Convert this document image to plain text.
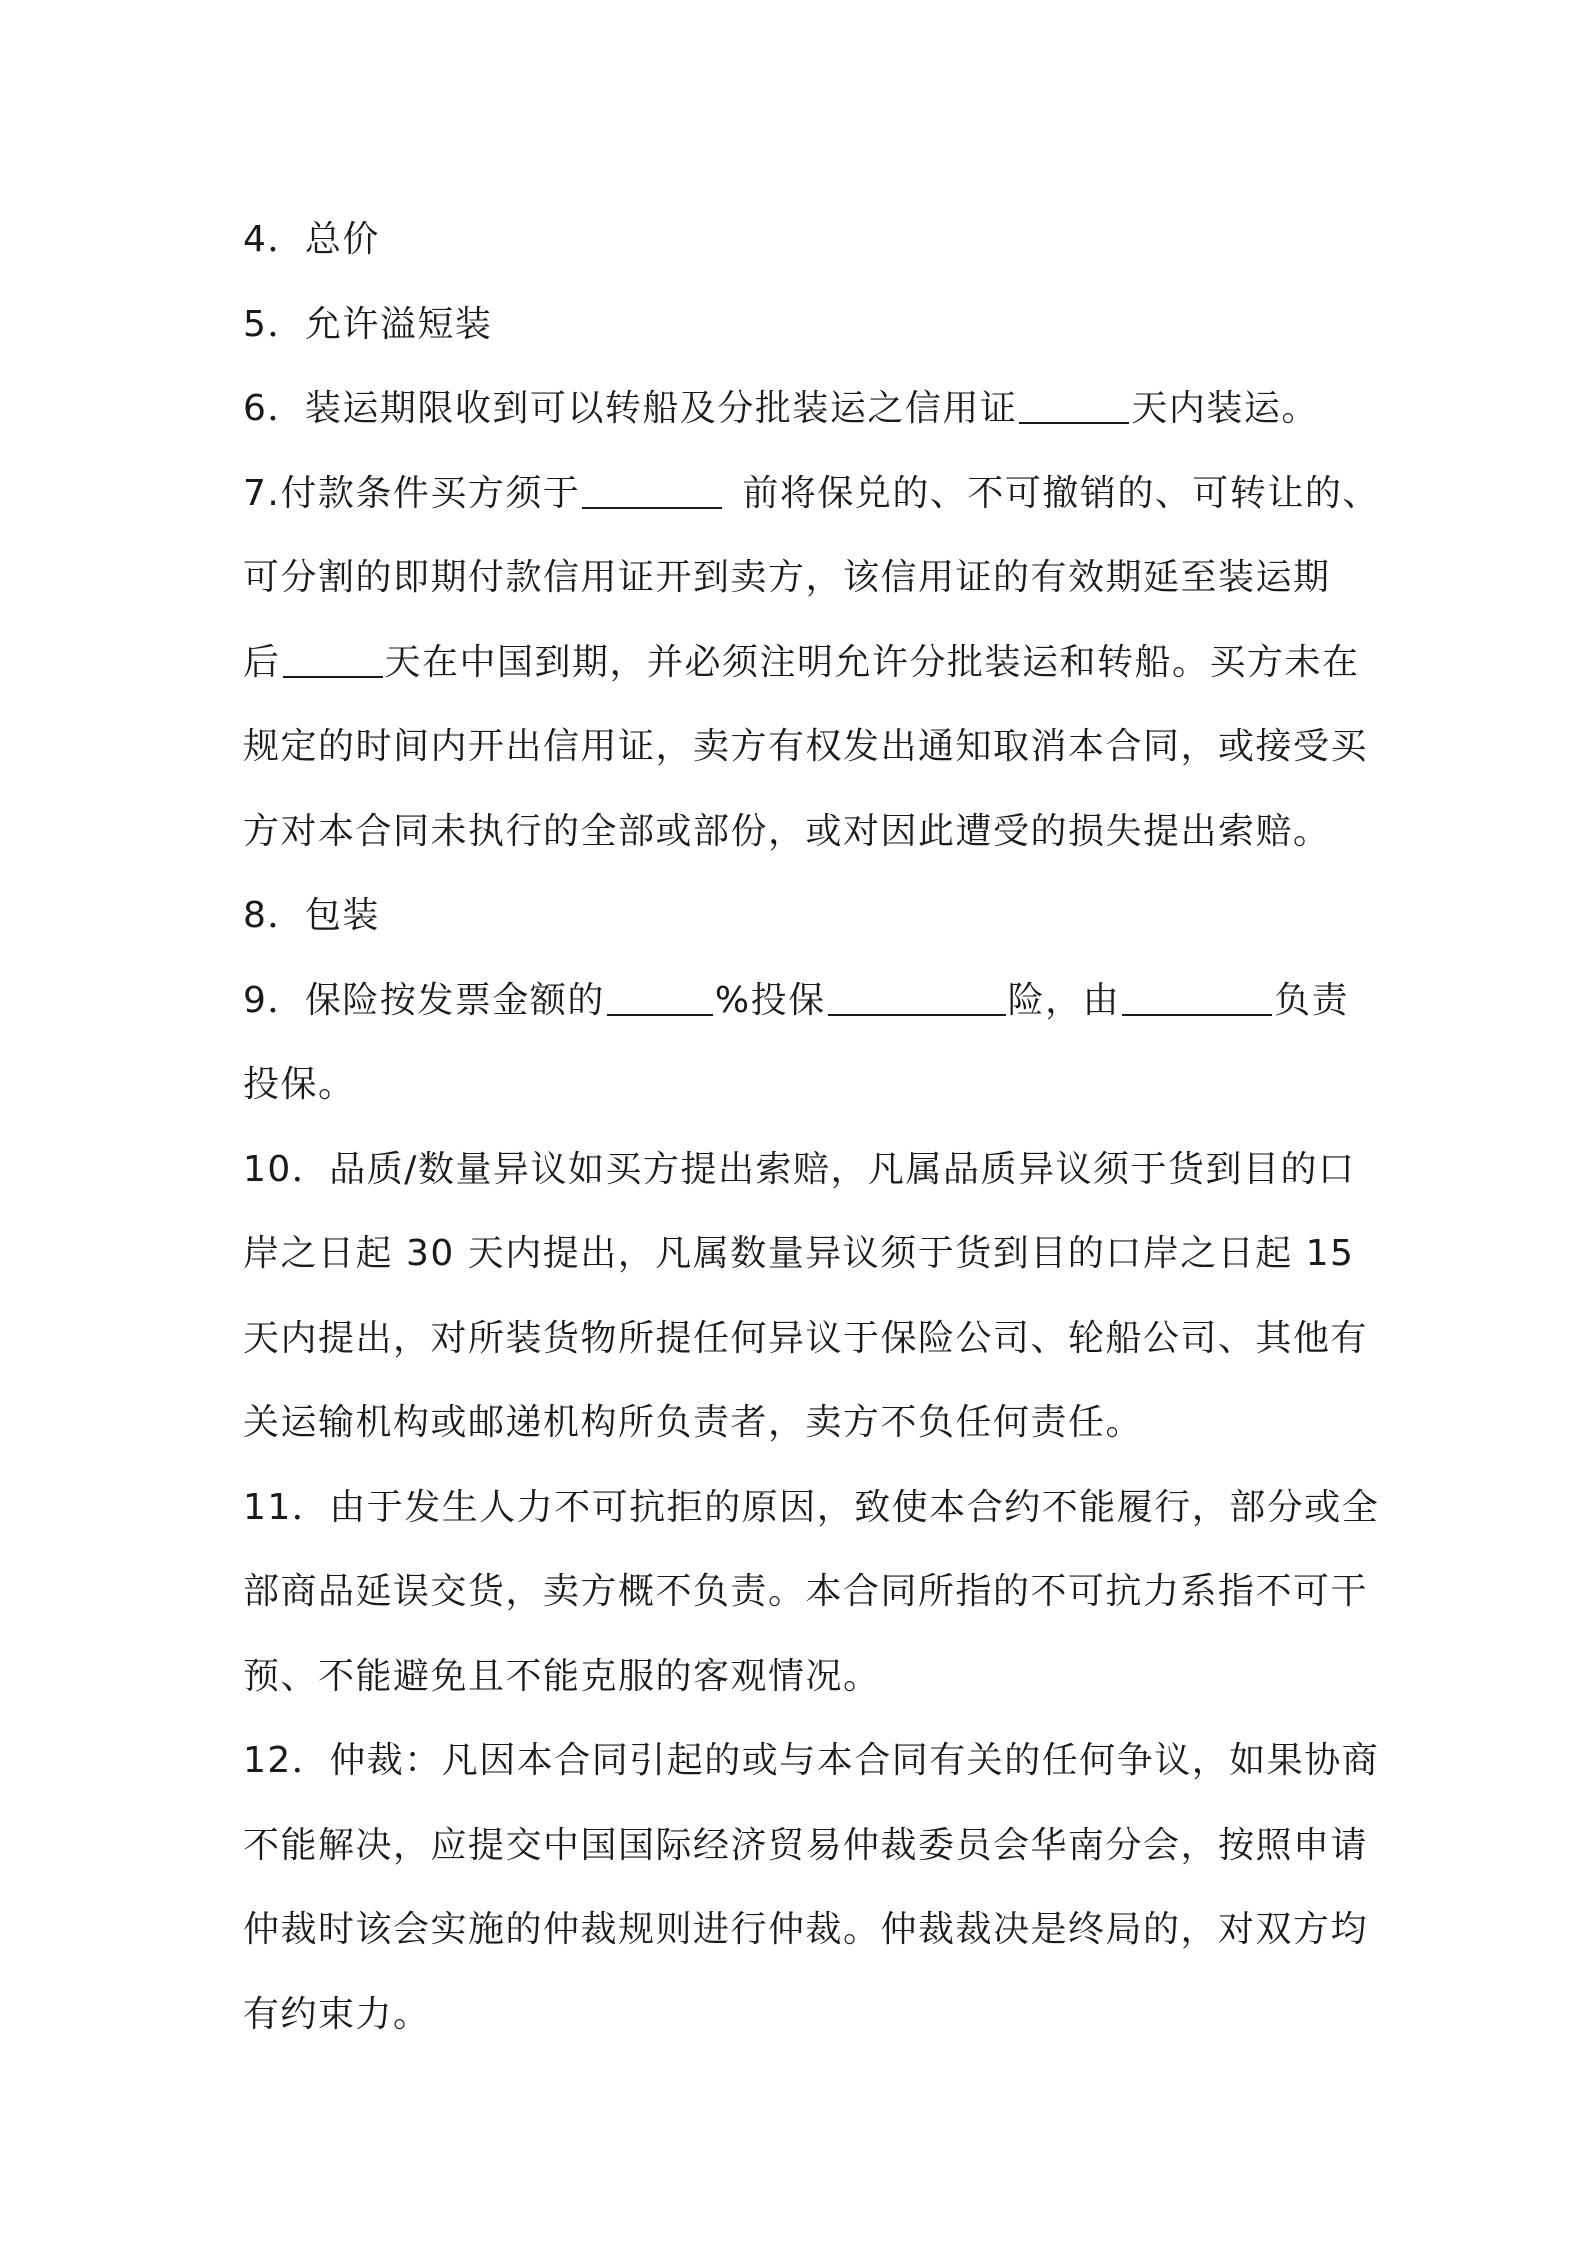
4．总价
5．允许溢短装
6．装运期限收到可以转船及分批装运之信用证	天内装运。
7.付款条件买方须于	前将保兑的、不可撤销的、可转让的、
可分割的即期付款信用证开到卖方，该信用证的有效期延至装运期
后	天在中国到期，并必须注明允许分批装运和转船。买方未在
规定的时间内开出信用证，卖方有权发出通知取消本合同，或接受买
方对本合同未执行的全部或部份，或对因此遭受的损失提出索赔。
8．包装
9．保险按发票金额的	%投保	险，由	负责
投保。
10．品质/数量异议如买方提出索赔，凡属品质异议须于货到目的口
岸之日起 30 天内提出，凡属数量异议须于货到目的口岸之日起 15
天内提出，对所装货物所提任何异议于保险公司、轮船公司、其他有
关运输机构或邮递机构所负责者，卖方不负任何责任。
11．由于发生人力不可抗拒的原因，致使本合约不能履行，部分或全
部商品延误交货，卖方概不负责。本合同所指的不可抗力系指不可干
预、不能避免且不能克服的客观情况。
12．仲裁：凡因本合同引起的或与本合同有关的任何争议，如果协商
不能解决，应提交中国国际经济贸易仲裁委员会华南分会，按照申请
仲裁时该会实施的仲裁规则进行仲裁。仲裁裁决是终局的，对双方均
有约束力。
